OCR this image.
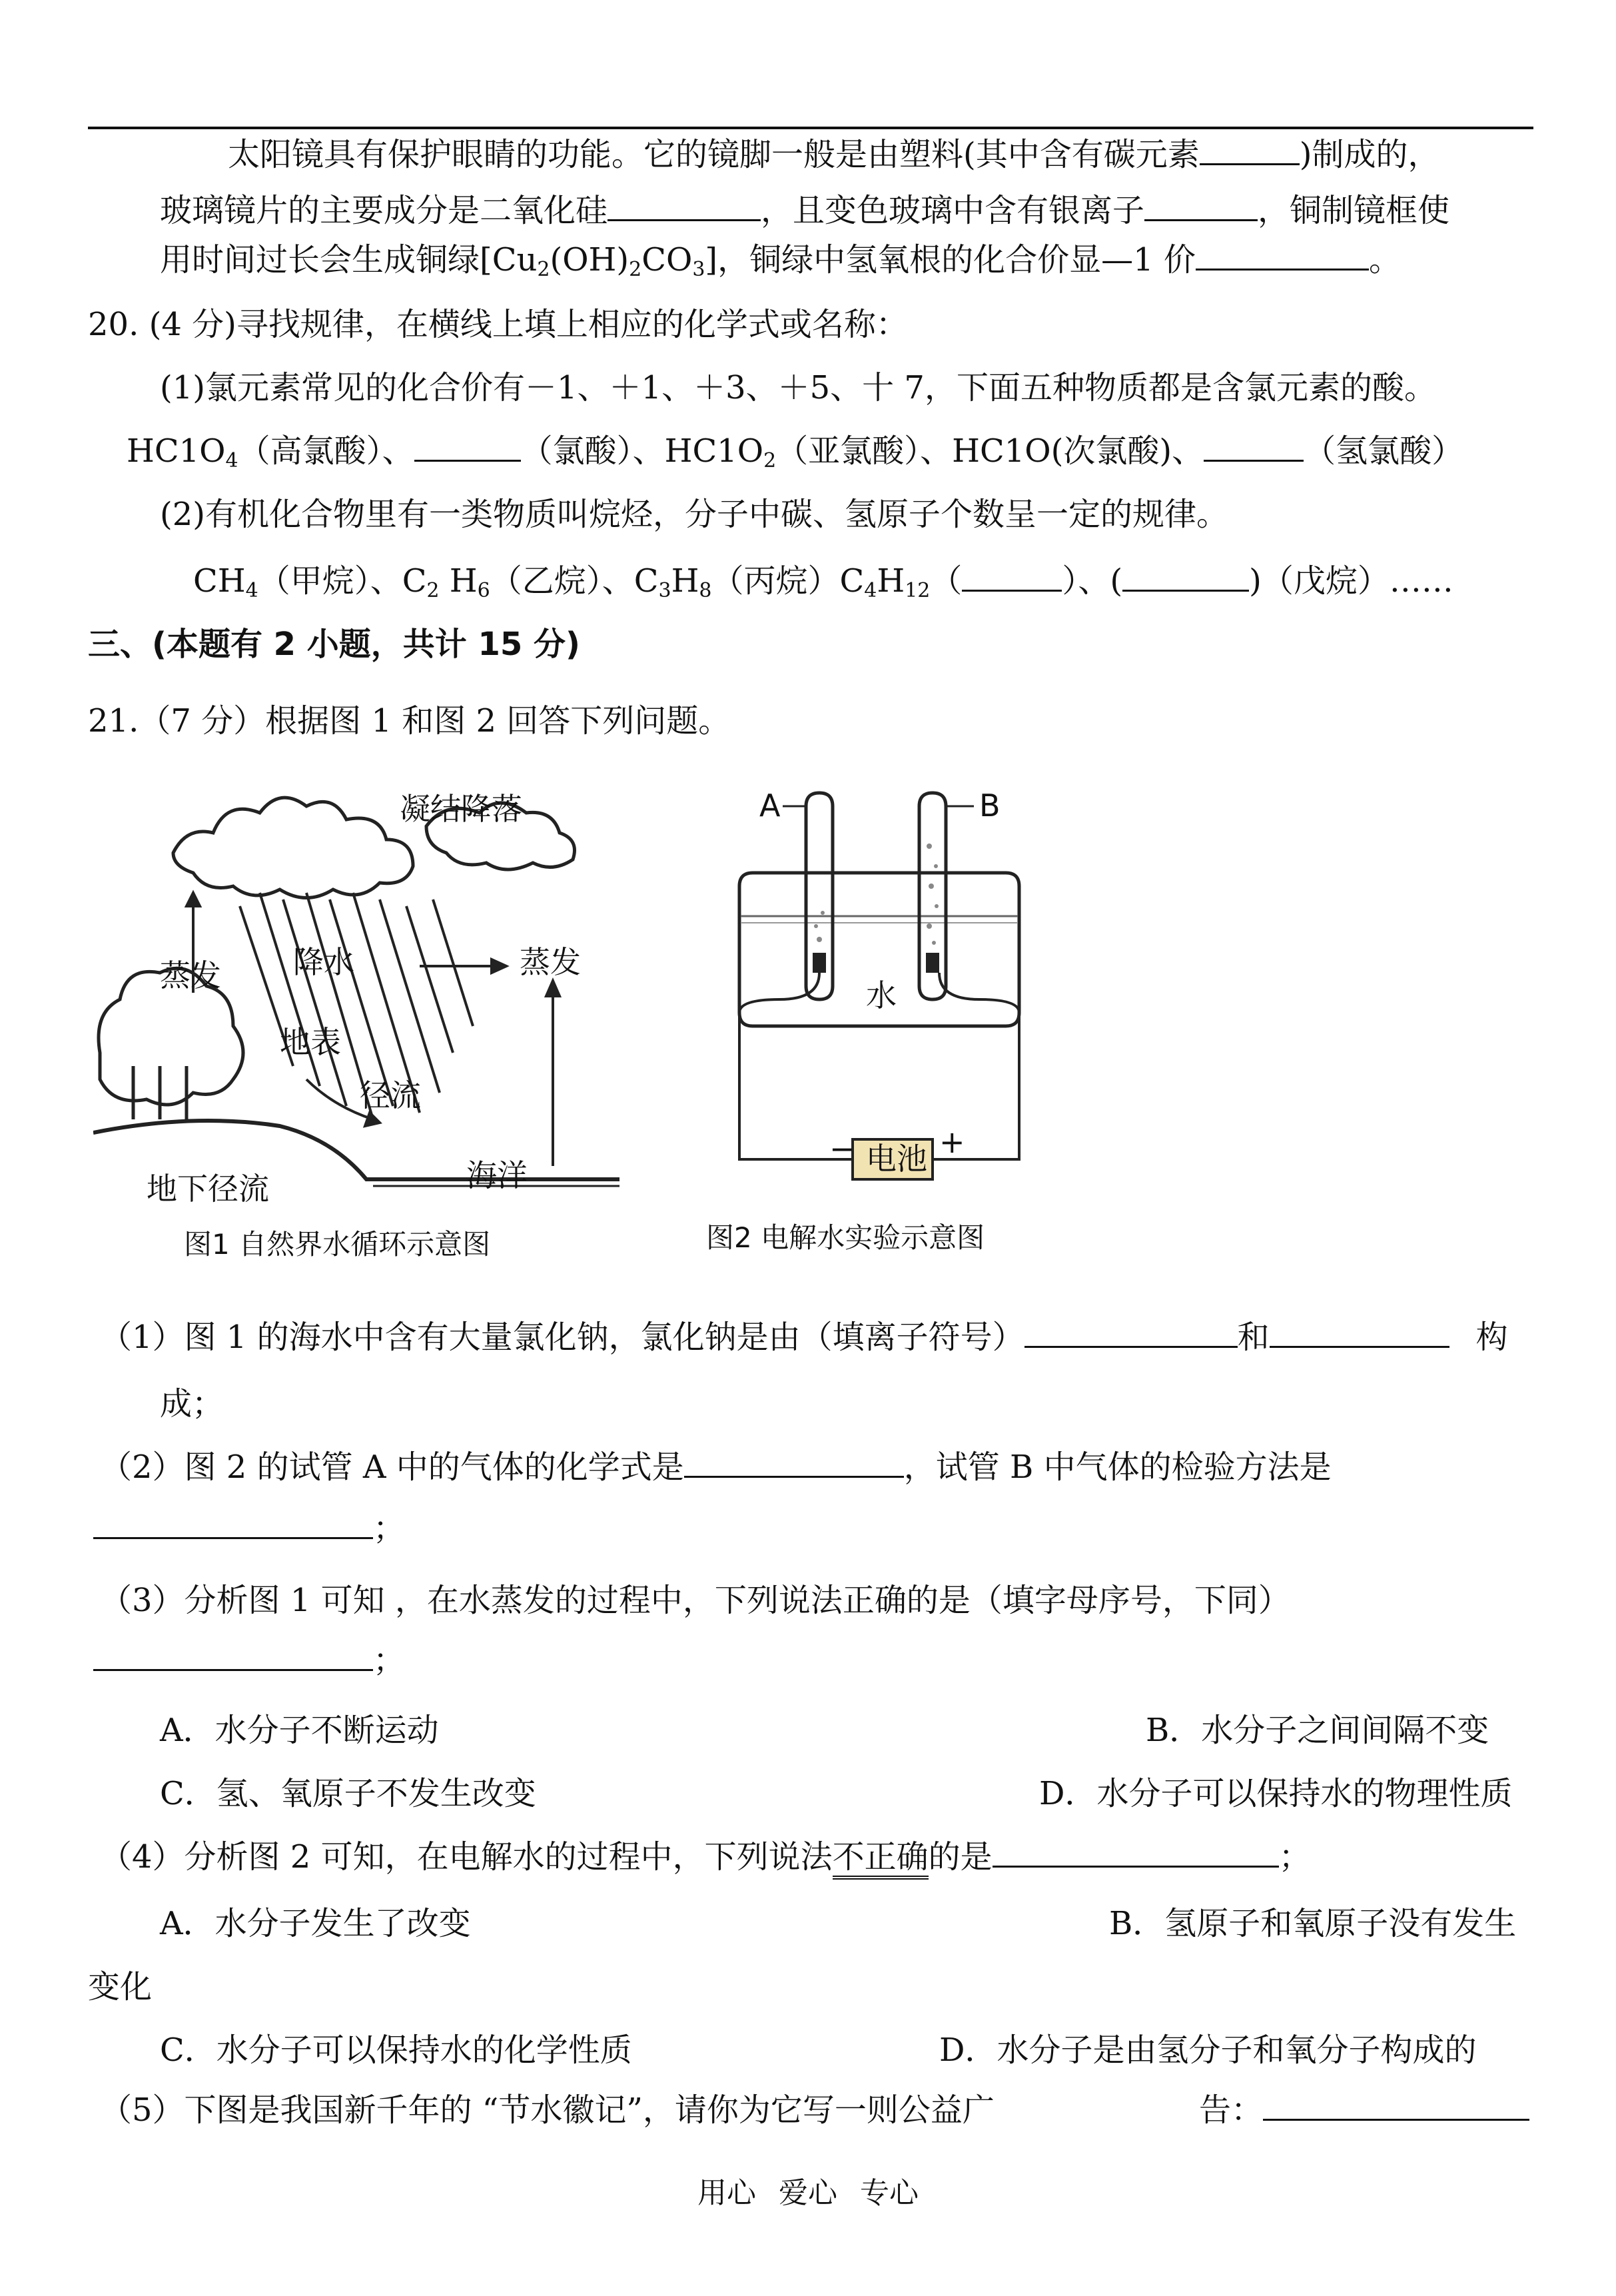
太阳镜具有保护眼睛的功能。它的镜脚一般是由塑料(其中含有碳元素	)制成的，
玻璃镜片的主要成分是二氧化硅	，且变色玻璃中含有银离子	，铜制镜框使
用时间过长会生成铜绿$[Cu_2(OH)_2CO_3]$，铜绿中氢氧根的化合价显—1 价	。
20. (4 分)寻找规律，在横线上填上相应的化学式或名称：
(1)氯元素常见的化合价有－1、＋1、＋3、＋5、十 7，下面五种物质都是含氯元素的酸。
$HC1O_4$（高氯酸）、	（氯酸）、$HC1O_2$（亚氯酸）、HC1O(次氯酸)、	（氢氯酸）
(2)有机化合物里有一类物质叫烷烃，分子中碳、氢原子个数呈一定的规律。
$CH_4$（甲烷）、$C_2$ $H_6$（乙烷）、$C_3H_8$（丙烷）$C_4H_{12}$（	）、(	)（戊烷）……
三、(本题有 2 小题，共计 15 分)
21.（7 分）根据图 1 和图 2 回答下列问题。
凝结降落
蒸发 降水	蒸发
地表
径流
地下径流	海洋
图1 自然界水循环示意图
电池
−	+
水
A	B
图2 电解水实验示意图
（1）图 1 的海水中含有大量氯化钠，氯化钠是由（填离子符号）	和	构
成；
（2）图 2 的试管 A 中的气体的化学式是	，试管 B 中气体的检验方法是
；
（3）分析图 1 可知 ，在水蒸发的过程中，下列说法正确的是（填字母序号，下同）
；
A．水分子不断运动	B．水分子之间间隔不变
C．氢、氧原子不发生改变	D．水分子可以保持水的物理性质
（4）分析图 2 可知，在电解水的过程中，下列说法不正确的是	；
A．水分子发生了改变	B．氢原子和氧原子没有发生
变化
C．水分子可以保持水的化学性质	D．水分子是由氢分子和氧分子构成的
（5）下图是我国新千年的 “节水徽记”，请你为它写一则公益广	告：
用心 爱心 专心
